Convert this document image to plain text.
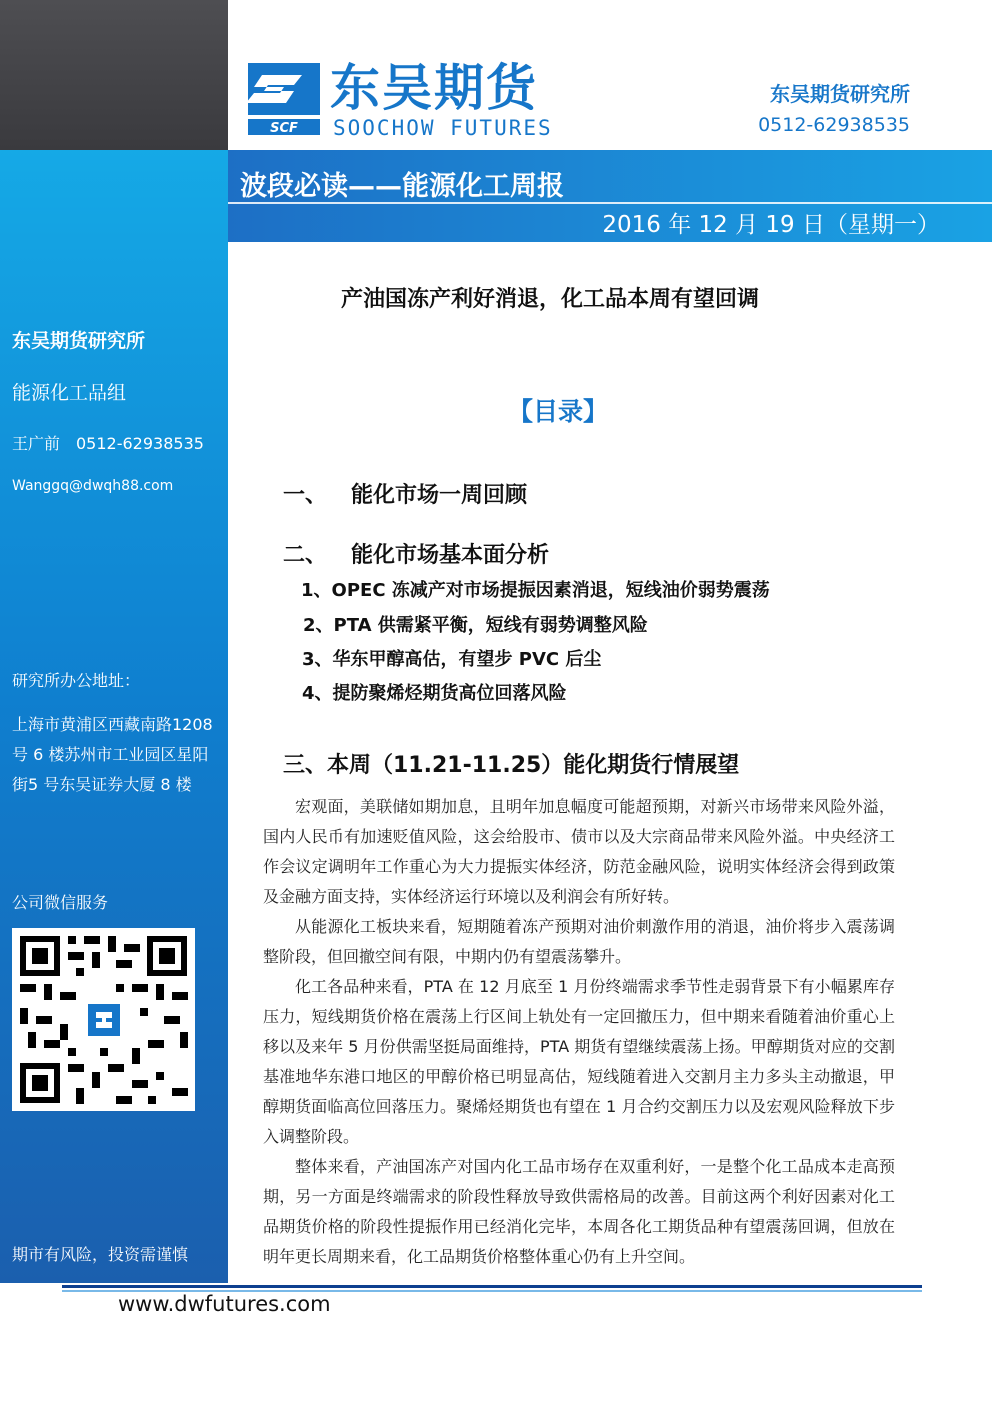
东吴期货研究所
能源化工品组
王广前　0512-62938535
Wanggq@dwqh88.com
研究所办公地址：
上海市黄浦区西藏南路1208 号 6 楼苏州市工业园区星阳街5 号东吴证券大厦 8 楼
公司微信服务
期市有风险，投资需谨慎
SCF
东吴期货
SOOCHOW FUTURES
东吴期货研究所
0512-62938535
波段必读——能源化工周报
2016 年 12 月 19 日（星期一）
产油国冻产利好消退，化工品本周有望回调
【目录】
一、 能化市场一周回顾
二、 能化市场基本面分析
1、OPEC 冻减产对市场提振因素消退，短线油价弱势震荡
2、PTA 供需紧平衡，短线有弱势调整风险
3、华东甲醇高估，有望步 PVC 后尘
4、提防聚烯烃期货高位回落风险
三、本周（11.21-11.25）能化期货行情展望

宏观面，美联储如期加息，且明年加息幅度可能超预期，对新兴市场带来风险外溢，国内人民币有加速贬值风险，这会给股市、债市以及大宗商品带来风险外溢。中央经济工作会议定调明年工作重心为大力提振实体经济，防范金融风险，说明实体经济会得到政策及金融方面支持，实体经济运行环境以及利润会有所好转。

从能源化工板块来看，短期随着冻产预期对油价刺激作用的消退，油价将步入震荡调整阶段，但回撤空间有限，中期内仍有望震荡攀升。

化工各品种来看，PTA 在 12 月底至 1 月份终端需求季节性走弱背景下有小幅累库存压力，短线期货价格在震荡上行区间上轨处有一定回撤压力，但中期来看随着油价重心上移以及来年 5 月份供需坚挺局面维持，PTA 期货有望继续震荡上扬。甲醇期货对应的交割基准地华东港口地区的甲醇价格已明显高估，短线随着进入交割月主力多头主动撤退，甲醇期货面临高位回落压力。聚烯烃期货也有望在 1 月合约交割压力以及宏观风险释放下步入调整阶段。

整体来看，产油国冻产对国内化工品市场存在双重利好，一是整个化工品成本走高预期，另一方面是终端需求的阶段性释放导致供需格局的改善。目前这两个利好因素对化工品期货价格的阶段性提振作用已经消化完毕，本周各化工期货品种有望震荡回调，但放在明年更长周期来看，化工品期货价格整体重心仍有上升空间。

www.dwfutures.com
